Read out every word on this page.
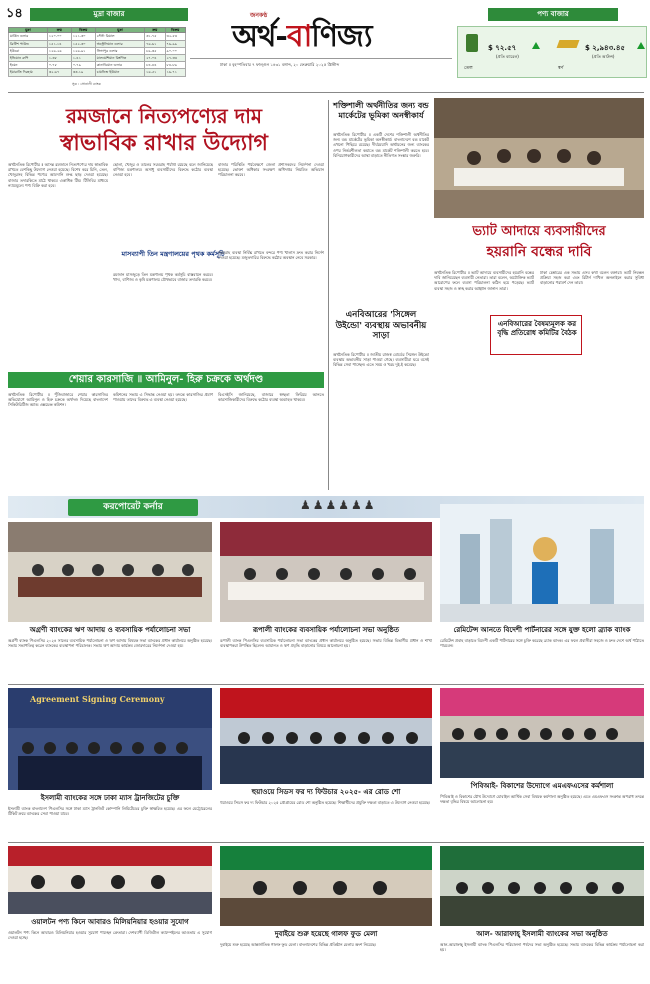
১৪	মুদ্রা বাজার
মুদ্রা	ক্রয়	বিক্রয়	মুদ্রা	ক্রয়	বিক্রয়
মার্কিন ডলার	১২০.০০	১২১.৩০	সৌদি রিয়াল	৩১.৭৫	৩২.৫৩
ব্রিটিশ পাউন্ড	১৫১.১৪	১৫২.৩০	অস্ট্রেলিয়ান ডলার	৭৬.৬১	৭৬.৯৯
ইউরো	১২৬.২৬	১২৬.৯১	সিঙ্গাপুর ডলার	৮৯.৩৫	৯০.০০
ইন্ডিয়ান রুপি	১.৩৮	১.৪১	মালয়েশিয়ান রিংগিত	২৭.০৪	২৭.৩৩
ইয়েন	০.৭৮	০.৭৯	কানাডিয়ান ডলার	৮৪.৪৪	৮৪.৮৬
ইমারাতি দিরহাম	৩২.৬৭	৩৩.১৯	চায়নিজ ইউয়ান	১৬.৫১	১৬.৭১
সূত্র : সোনালী ব্যাংক
জনকণ্ঠ
অর্থ-বাণিজ্য
ঢাকা ॥ বৃহস্পতিবার ৭ ফাল্গুন ১৪৩১ বঙ্গাব্দ, ২০ ফেব্রুয়ারি ২০২৫ খ্রিস্টাব্দ
পণ্য বাজার
$ ৭২.৫৭
(প্রতি ব্যারেল)
তেল
$ ২,৯৪৩.৪৫
(প্রতি আউন্স)
স্বর্ণ
রমজানে নিত্যপণ্যের দাম
স্বাভাবিক রাখার উদ্যোগ
অর্থনৈতিক রিপোর্টার ॥ আসন্ন রমজানে নিত্যপণ্যের দাম স্বাভাবিক রাখতে বেশকিছু উদ্যোগ নেওয়া হয়েছে। বিশেষ করে চিনি, তেল, খেজুরসহ বিভিন্ন পণ্যের আমদানি শুল্ক ছাড় দেওয়া হয়েছে। বাজার তদারকিতে মাঠে থাকবে একাধিক টিম। টিসিবির মাধ্যমে ন্যায্যমূল্যে পণ্য বিক্রি করা হবে।
ছোলা, খেজুর ও ডালের সরবরাহ পর্যাপ্ত রয়েছে বলে জানিয়েছে বাণিজ্য মন্ত্রণালয়। অসাধু ব্যবসায়ীদের বিরুদ্ধে কঠোর ব্যবস্থা নেওয়া হবে।
বাজার পরিস্থিতি পর্যবেক্ষণে জেলা প্রশাসকদের নির্দেশনা দেওয়া হয়েছে। ভোক্তা অধিকার সংরক্ষণ অধিদপ্তর নিয়মিত অভিযান পরিচালনা করবে।
মাসব্যাপী তিন মন্ত্রণালয়ের পৃথক কর্মসূচি
রমজান মাসজুড়ে তিন মন্ত্রণালয় পৃথক কর্মসূচি বাস্তবায়ন করবে। খাদ্য, বাণিজ্য ও কৃষি মন্ত্রণালয় যৌথভাবে বাজার তদারকি করবে।
সরবরাহ ব্যবস্থা নির্বিঘ্ন রাখতে বন্দরে পণ্য খালাস দ্রুত করার নির্দেশ দেওয়া হয়েছে। মজুতদারির বিরুদ্ধে কঠোর অবস্থান নেবে সরকার।
শক্তিশালী অর্থনীতির জন্য বন্ড মার্কেটের ভূমিকা অনস্বীকার্য
অর্থনৈতিক রিপোর্টার ॥ একটি দেশের শক্তিশালী অর্থনীতির জন্য বন্ড মার্কেটের ভূমিকা অনস্বীকার্য। বাংলাদেশে বন্ড মার্কেট এখনো পিছিয়ে রয়েছে। দীর্ঘমেয়াদি অর্থায়নের জন্য ব্যাংকের ওপর নির্ভরশীলতা কমাতে বন্ড মার্কেট শক্তিশালী করতে হবে। বিনিয়োগকারীদের আস্থা বাড়াতে নীতিগত সংস্কার জরুরি।
এনবিআরের 'সিঙ্গেল উইন্ডো' ব্যবস্থায় অভাবনীয় সাড়া
অর্থনৈতিক রিপোর্টার ॥ জাতীয় রাজস্ব বোর্ডের সিঙ্গেল উইন্ডো ব্যবস্থায় অভাবনীয় সাড়া পাওয়া গেছে। ব্যবসায়ীরা ঘরে বসেই বিভিন্ন সেবা পাচ্ছেন। এতে সময় ও খরচ দুই-ই কমেছে।
ভ্যাট আদায়ে ব্যবসায়ীদের
হয়রানি বন্ধের দাবি
অর্থনৈতিক রিপোর্টার ॥ ভ্যাট আদায়ে ব্যবসায়ীদের হয়রানি বন্ধের দাবি জানিয়েছেন ব্যবসায়ী নেতারা। তারা বলেন, অযৌক্তিক ভ্যাট আরোপের ফলে ব্যবসা পরিচালনা কঠিন হয়ে পড়েছে। ভ্যাট ব্যবস্থা সহজ ও স্বচ্ছ করার আহ্বান জানান তারা।
ঢাকা চেম্বারের এক সভায় এসব কথা বলেন বক্তারা। ভ্যাট নিবন্ধন প্রক্রিয়া সহজ করা এবং রিটার্ন দাখিল অনলাইনে করার সুবিধা বাড়ানোর পরামর্শ দেন তারা।
এনবিআরের বৈষম্যমূলক কর বৃদ্ধি প্রতিরোধ কমিটির বৈঠক
শেয়ার কারসাজি ॥ আমিনুল- হিরু চক্রকে অর্থদণ্ড
অর্থনৈতিক রিপোর্টার ॥ পুঁজিবাজারে শেয়ার কারসাজির অভিযোগে আমিনুল ও হিরু চক্রকে অর্থদণ্ড দিয়েছে বাংলাদেশ সিকিউরিটিজ অ্যান্ড এক্সচেঞ্জ কমিশন।
কমিশনের সভায় এ সিদ্ধান্ত নেওয়া হয়। তদন্তে কারসাজির প্রমাণ পাওয়ায় তাদের বিরুদ্ধে এ ব্যবস্থা নেওয়া হয়েছে।
বিএসইসি জানিয়েছে, বাজারে স্বচ্ছতা ফিরিয়ে আনতে কারসাজিকারীদের বিরুদ্ধে কঠোর ব্যবস্থা অব্যাহত থাকবে।
করপোরেট কর্নার	♟♟♟♟♟♟
অগ্রণী ব্যাংকের ঋণ আদায় ও ব্যবসায়িক পর্যালোচনা সভা
অগ্রণী ব্যাংক পিএলসির ২০২৪ সালের ব্যবসায়িক পর্যালোচনা ও ঋণ আদায় বিষয়ক সভা ব্যাংকের প্রধান কার্যালয়ে অনুষ্ঠিত হয়েছে। সভায় সভাপতিত্ব করেন ব্যাংকের ব্যবস্থাপনা পরিচালক। সভায় ঋণ আদায় কার্যক্রম জোরদারের নির্দেশনা দেওয়া হয়।
রূপালী ব্যাংকের ব্যবসায়িক পর্যালোচনা সভা অনুষ্ঠিত
রূপালী ব্যাংক পিএলসির ব্যবসায়িক পর্যালোচনা সভা ব্যাংকের প্রধান কার্যালয়ে অনুষ্ঠিত হয়েছে। সভায় বিভিন্ন বিভাগীয় প্রধান ও শাখা ব্যবস্থাপকরা উপস্থিত ছিলেন। আমানত ও ঋণ প্রবৃদ্ধি বাড়ানোর বিষয়ে আলোচনা হয়।
রেমিটেন্স আনতে বিদেশী পার্টনারের সঙ্গে যুক্ত হলো ব্র্যাক ব্যাংক
রেমিটেন্স প্রবাহ বাড়াতে বিদেশী একটি পার্টনারের সঙ্গে চুক্তি করেছে ব্র্যাক ব্যাংক। এর ফলে প্রবাসীরা সহজে ও দ্রুত দেশে অর্থ পাঠাতে পারবেন।
Agreement Signing Ceremony
ইসলামী ব্যাংকের সঙ্গে ঢাকা ম্যাস ট্রানজিটের চুক্তি
ইসলামী ব্যাংক বাংলাদেশ পিএলসির সঙ্গে ঢাকা ম্যাস ট্রানজিট কোম্পানি লিমিটেডের চুক্তি স্বাক্ষরিত হয়েছে। এর ফলে মেট্রোরেলের টিকিট ক্রয়ে ব্যাংকের সেবা পাওয়া যাবে।
হুয়াওয়ে সিডস ফর দ্য ফিউচার ২০২৫- এর রোড শো
হুয়াওয়ে সিডস ফর দ্য ফিউচার ২০২৫ প্রোগ্রামের রোড শো অনুষ্ঠিত হয়েছে। শিক্ষার্থীদের প্রযুক্তি দক্ষতা বাড়াতে এ উদ্যোগ নেওয়া হয়েছে।
পিবিআই- বিকাশের উদ্যোগে এমএফএসের কর্মশালা
পিবিআই ও বিকাশের যৌথ উদ্যোগে মোবাইল আর্থিক সেবা বিষয়ক কর্মশালা অনুষ্ঠিত হয়েছে। এতে এমএফএস সংক্রান্ত অপরাধ তদন্তে দক্ষতা বৃদ্ধির বিষয়ে আলোচনা হয়।
ওয়ালটন পণ্য কিনে আবারও মিলিয়নিয়ার হওয়ার সুযোগ
ওয়ালটন পণ্য কিনে আবারও মিলিয়নিয়ার হওয়ার সুযোগ পাচ্ছেন ক্রেতারা। দেশব্যাপী ডিজিটাল ক্যাম্পেইনের আওতায় এ সুযোগ দেওয়া হচ্ছে।	দুবাইয়ে শুরু হয়েছে গালফ ফুড মেলা
দুবাইয়ে শুরু হয়েছে আন্তর্জাতিক গালফ ফুড মেলা। বাংলাদেশের বিভিন্ন প্রতিষ্ঠান মেলায় অংশ নিয়েছে।
আল- আরাফাহ্ ইসলামী ব্যাংকের সভা অনুষ্ঠিত
আল-আরাফাহ্ ইসলামী ব্যাংক পিএলসির পরিচালনা পর্ষদের সভা অনুষ্ঠিত হয়েছে। সভায় ব্যাংকের বিভিন্ন কার্যক্রম পর্যালোচনা করা হয়।
